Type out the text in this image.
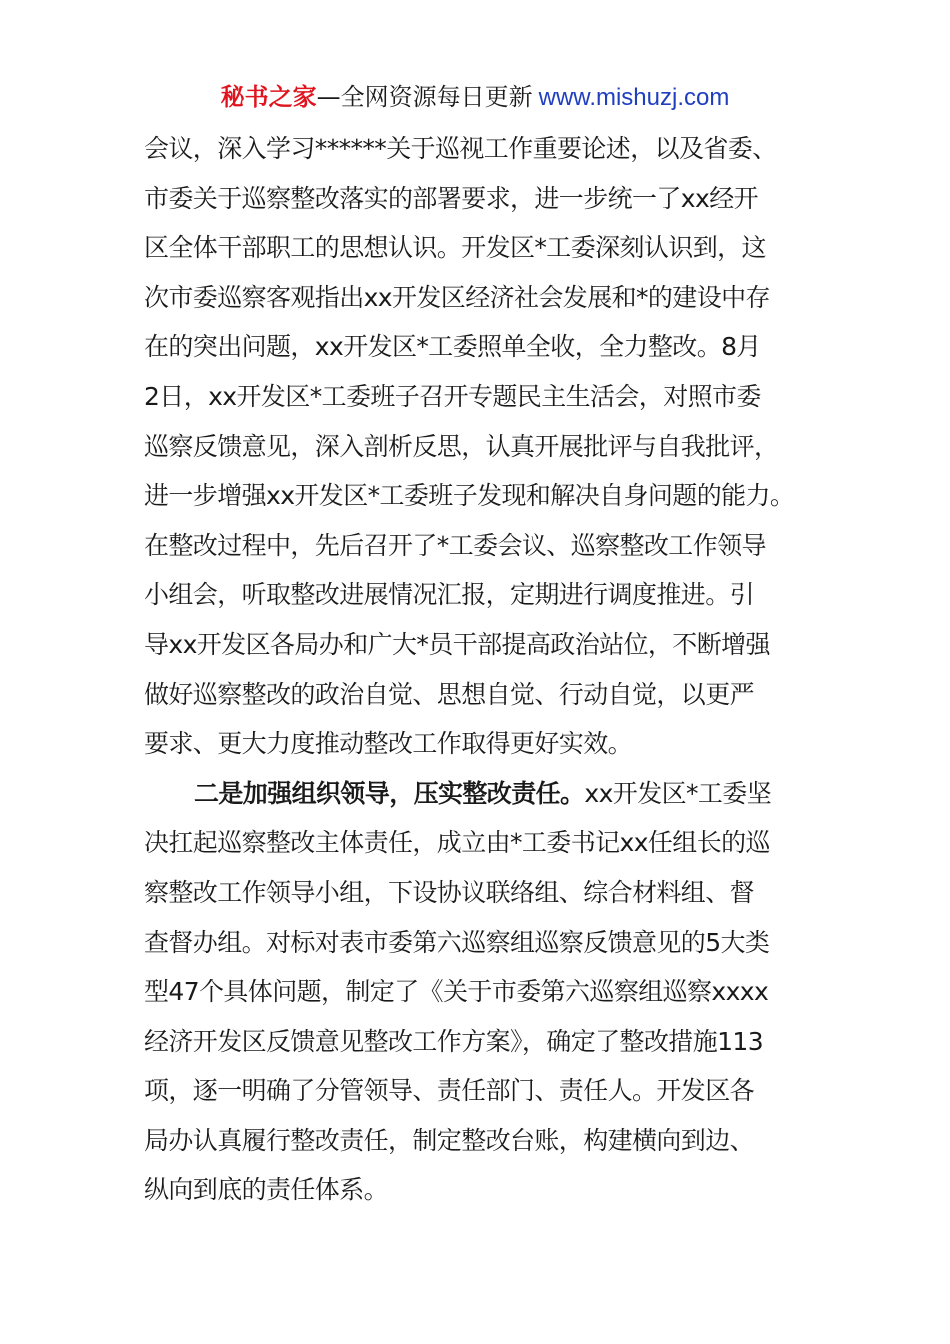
秘书之家—全网资源每日更新 www.mishuzj.com
会议，深入学习******关于巡视工作重要论述，以及省委、
市委关于巡察整改落实的部署要求，进一步统一了xx经开
区全体干部职工的思想认识。开发区*工委深刻认识到，这
次市委巡察客观指出xx开发区经济社会发展和*的建设中存
在的突出问题，xx开发区*工委照单全收，全力整改。8月
2日，xx开发区*工委班子召开专题民主生活会，对照市委
巡察反馈意见，深入剖析反思，认真开展批评与自我批评，
进一步增强xx开发区*工委班子发现和解决自身问题的能力。
在整改过程中，先后召开了*工委会议、巡察整改工作领导
小组会，听取整改进展情况汇报，定期进行调度推进。引
导xx开发区各局办和广大*员干部提高政治站位，不断增强
做好巡察整改的政治自觉、思想自觉、行动自觉，以更严
要求、更大力度推动整改工作取得更好实效。
二是加强组织领导，压实整改责任。xx开发区*工委坚
决扛起巡察整改主体责任，成立由*工委书记xx任组长的巡
察整改工作领导小组，下设协议联络组、综合材料组、督
查督办组。对标对表市委第六巡察组巡察反馈意见的5大类
型47个具体问题，制定了《关于市委第六巡察组巡察xxxx
经济开发区反馈意见整改工作方案》，确定了整改措施113
项，逐一明确了分管领导、责任部门、责任人。开发区各
局办认真履行整改责任，制定整改台账，构建横向到边、
纵向到底的责任体系。
